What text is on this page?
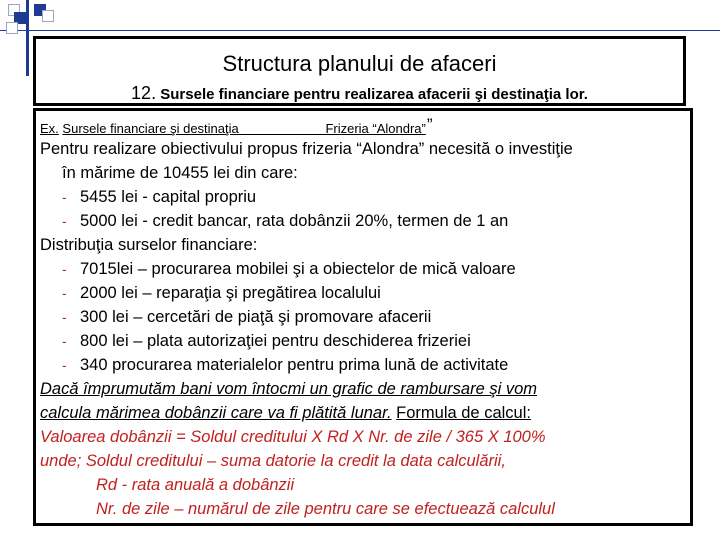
Structura planului de afaceri
12. Sursele financiare pentru realizarea afacerii şi destinaţia lor.
Ex. Sursele financiare şi destinaţia	Frizeria “Alondra””
Pentru realizare obiectivului propus frizeria “Alondra” necesită o investiţie
în mărime de 10455 lei din care:
- 5455 lei - capital propriu
- 5000 lei - credit bancar, rata dobânzii 20%, termen de 1 an
Distribuţia surselor financiare:
- 7015lei – procurarea mobilei şi a obiectelor de mică valoare
- 2000 lei – reparaţia şi pregătirea localului
- 300 lei – cercetări de piaţă şi promovare afacerii
- 800 lei – plata autorizaţiei pentru deschiderea frizeriei
- 340 procurarea materialelor pentru prima lună de activitate
Dacă împrumutăm bani vom întocmi un grafic de rambursare şi vom
calcula mărimea dobânzii care va fi plătită lunar. Formula de calcul:
Valoarea dobânzii = Soldul creditului X Rd X Nr. de zile / 365 X 100%
unde; Soldul creditului – suma datorie la credit la data calculării,
Rd - rata anuală a dobânzii
Nr. de zile – numărul de zile pentru care se efectuează calculul
